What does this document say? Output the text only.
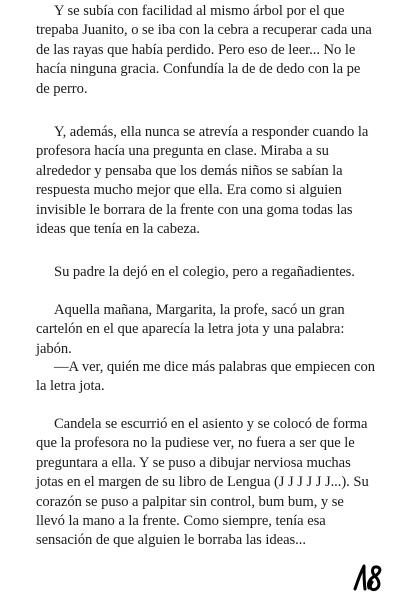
Y se subía con facilidad al mismo árbol por el que trepaba Juanito, o se iba con la cebra a recuperar cada una de las rayas que había perdido. Pero eso de leer... No le hacía ninguna gracia. Confundía la de de dedo con la pe de perro.

Y, además, ella nunca se atrevía a responder cuando la profesora hacía una pregunta en clase. Miraba a su alrededor y pensaba que los demás niños se sabían la respuesta mucho mejor que ella. Era como si alguien invisible le borrara de la frente con una goma todas las ideas que tenía en la cabeza.

Su padre la dejó en el colegio, pero a regañadientes.

Aquella mañana, Margarita, la profe, sacó un gran cartelón en el que aparecía la letra jota y una palabra: jabón.

—A ver, quién me dice más palabras que empiecen con la letra jota.

Candela se escurrió en el asiento y se colocó de forma que la profesora no la pudiese ver, no fuera a ser que le preguntara a ella. Y se puso a dibujar nerviosa muchas jotas en el margen de su libro de Lengua (J J J J J J...). Su corazón se puso a palpitar sin control, bum bum, y se llevó la mano a la frente. Como siempre, tenía esa sensación de que alguien le borraba las ideas...
